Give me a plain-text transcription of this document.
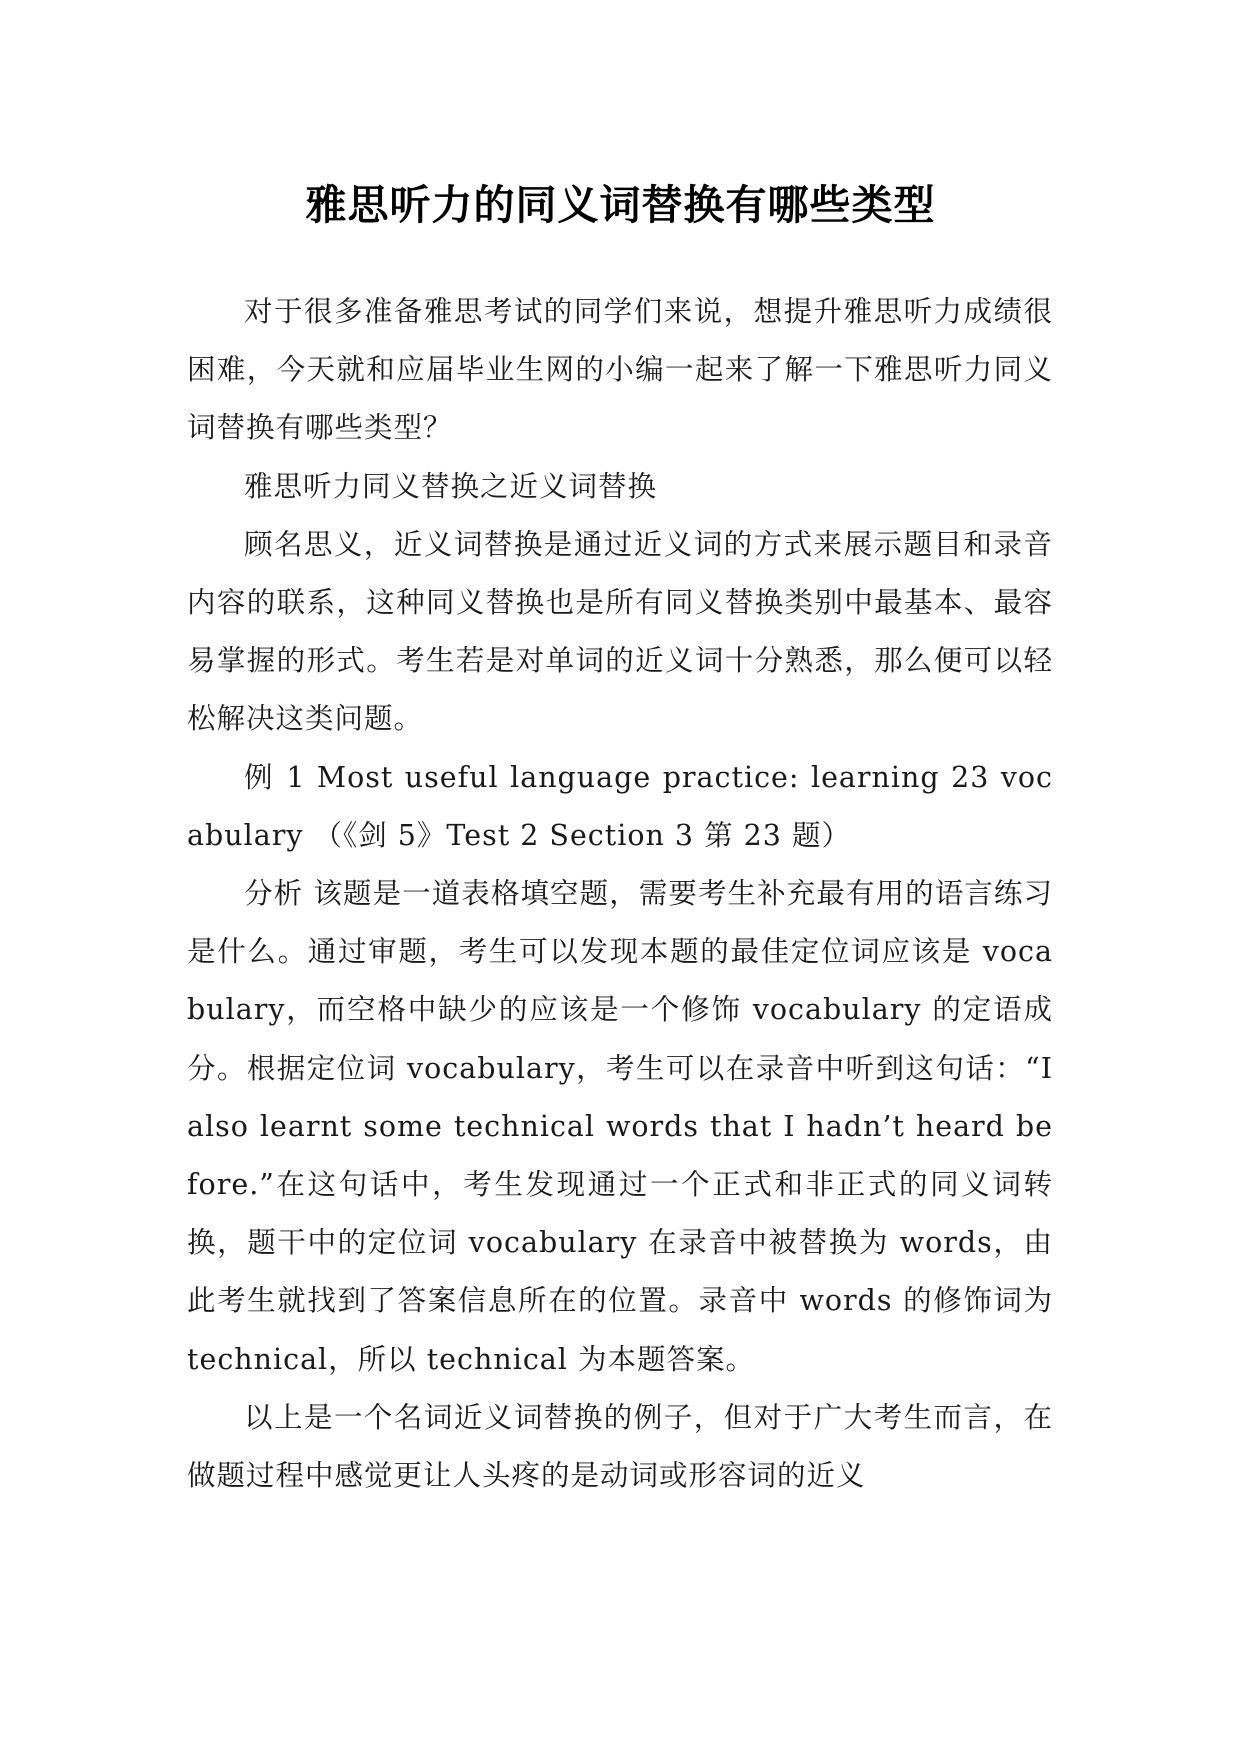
雅思听力的同义词替换有哪些类型

对于很多准备雅思考试的同学们来说，想提升雅思听力成绩很困难，今天就和应届毕业生网的小编一起来了解一下雅思听力同义词替换有哪些类型？

雅思听力同义替换之近义词替换

顾名思义，近义词替换是通过近义词的方式来展示题目和录音内容的联系，这种同义替换也是所有同义替换类别中最基本、最容易掌握的形式。考生若是对单词的近义词十分熟悉，那么便可以轻松解决这类问题。

例 1 Most useful language practice: learning 23 vocabulary （《剑 5》Test 2 Section 3 第 23 题）

分析 该题是一道表格填空题，需要考生补充最有用的语言练习是什么。通过审题，考生可以发现本题的最佳定位词应该是 vocabulary，而空格中缺少的应该是一个修饰 vocabulary 的定语成分。根据定位词 vocabulary，考生可以在录音中听到这句话：“I also learnt some technical words that I hadn’t heard before.”在这句话中，考生发现通过一个正式和非正式的同义词转换，题干中的定位词 vocabulary 在录音中被替换为 words，由此考生就找到了答案信息所在的位置。录音中 words 的修饰词为 technical，所以 technical 为本题答案。

以上是一个名词近义词替换的例子，但对于广大考生而言，在做题过程中感觉更让人头疼的是动词或形容词的近义
